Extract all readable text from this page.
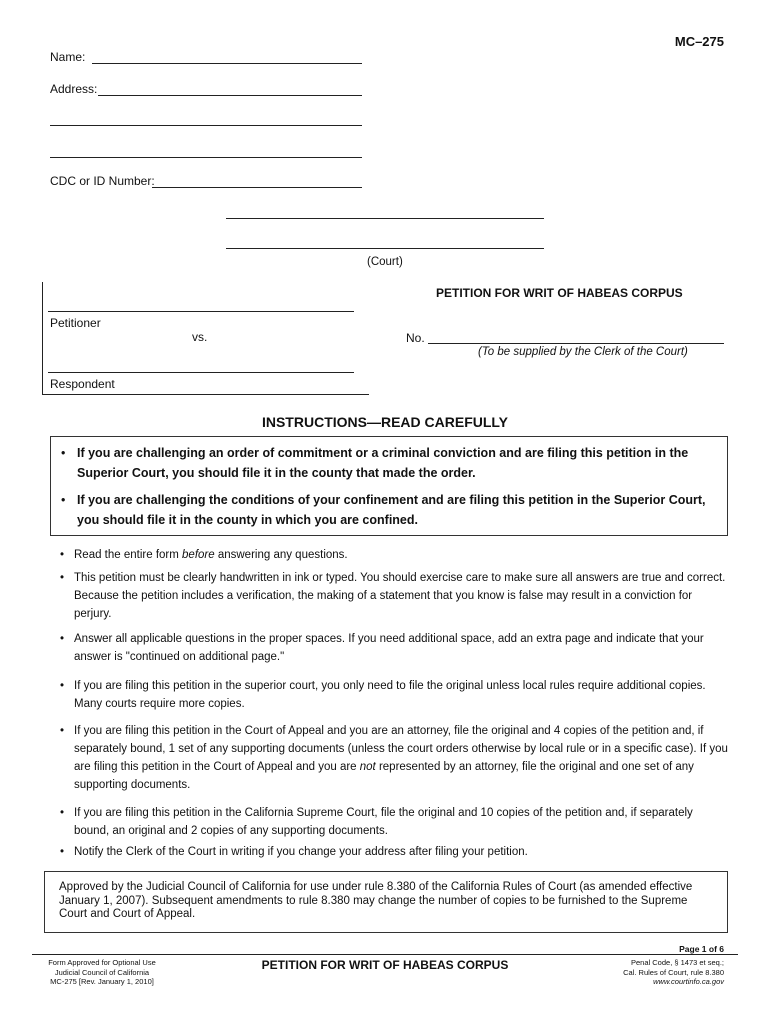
MC–275
Name:
Address:
CDC or ID Number:
(Court)
PETITION FOR WRIT OF HABEAS CORPUS
Petitioner
vs.
Respondent
No.
(To be supplied by the Clerk of the Court)
INSTRUCTIONS—READ CAREFULLY
• If you are challenging an order of commitment or a criminal conviction and are filing this petition in the Superior Court, you should file it in the county that made the order.
• If you are challenging the conditions of your confinement and are filing this petition in the Superior Court, you should file it in the county in which you are confined.
• Read the entire form before answering any questions.
• This petition must be clearly handwritten in ink or typed. You should exercise care to make sure all answers are true and correct. Because the petition includes a verification, the making of a statement that you know is false may result in a conviction for perjury.
• Answer all applicable questions in the proper spaces. If you need additional space, add an extra page and indicate that your answer is "continued on additional page."
• If you are filing this petition in the superior court, you only need to file the original unless local rules require additional copies. Many courts require more copies.
• If you are filing this petition in the Court of Appeal and you are an attorney, file the original and 4 copies of the petition and, if separately bound, 1 set of any supporting documents (unless the court orders otherwise by local rule or in a specific case). If you are filing this petition in the Court of Appeal and you are not represented by an attorney, file the original and one set of any supporting documents.
• If you are filing this petition in the California Supreme Court, file the original and 10 copies of the petition and, if separately bound, an original and 2 copies of any supporting documents.
• Notify the Clerk of the Court in writing if you change your address after filing your petition.
Approved by the Judicial Council of California for use under rule 8.380 of the California Rules of Court (as amended effective January 1, 2007). Subsequent amendments to rule 8.380 may change the number of copies to be furnished to the Supreme Court and Court of Appeal.
Page 1 of 6
Form Approved for Optional Use
Judicial Council of California
MC-275 [Rev. January 1, 2010]
PETITION FOR WRIT OF HABEAS CORPUS	Penal Code, § 1473 et seq.;
Cal. Rules of Court, rule 8.380
www.courtinfo.ca.gov
